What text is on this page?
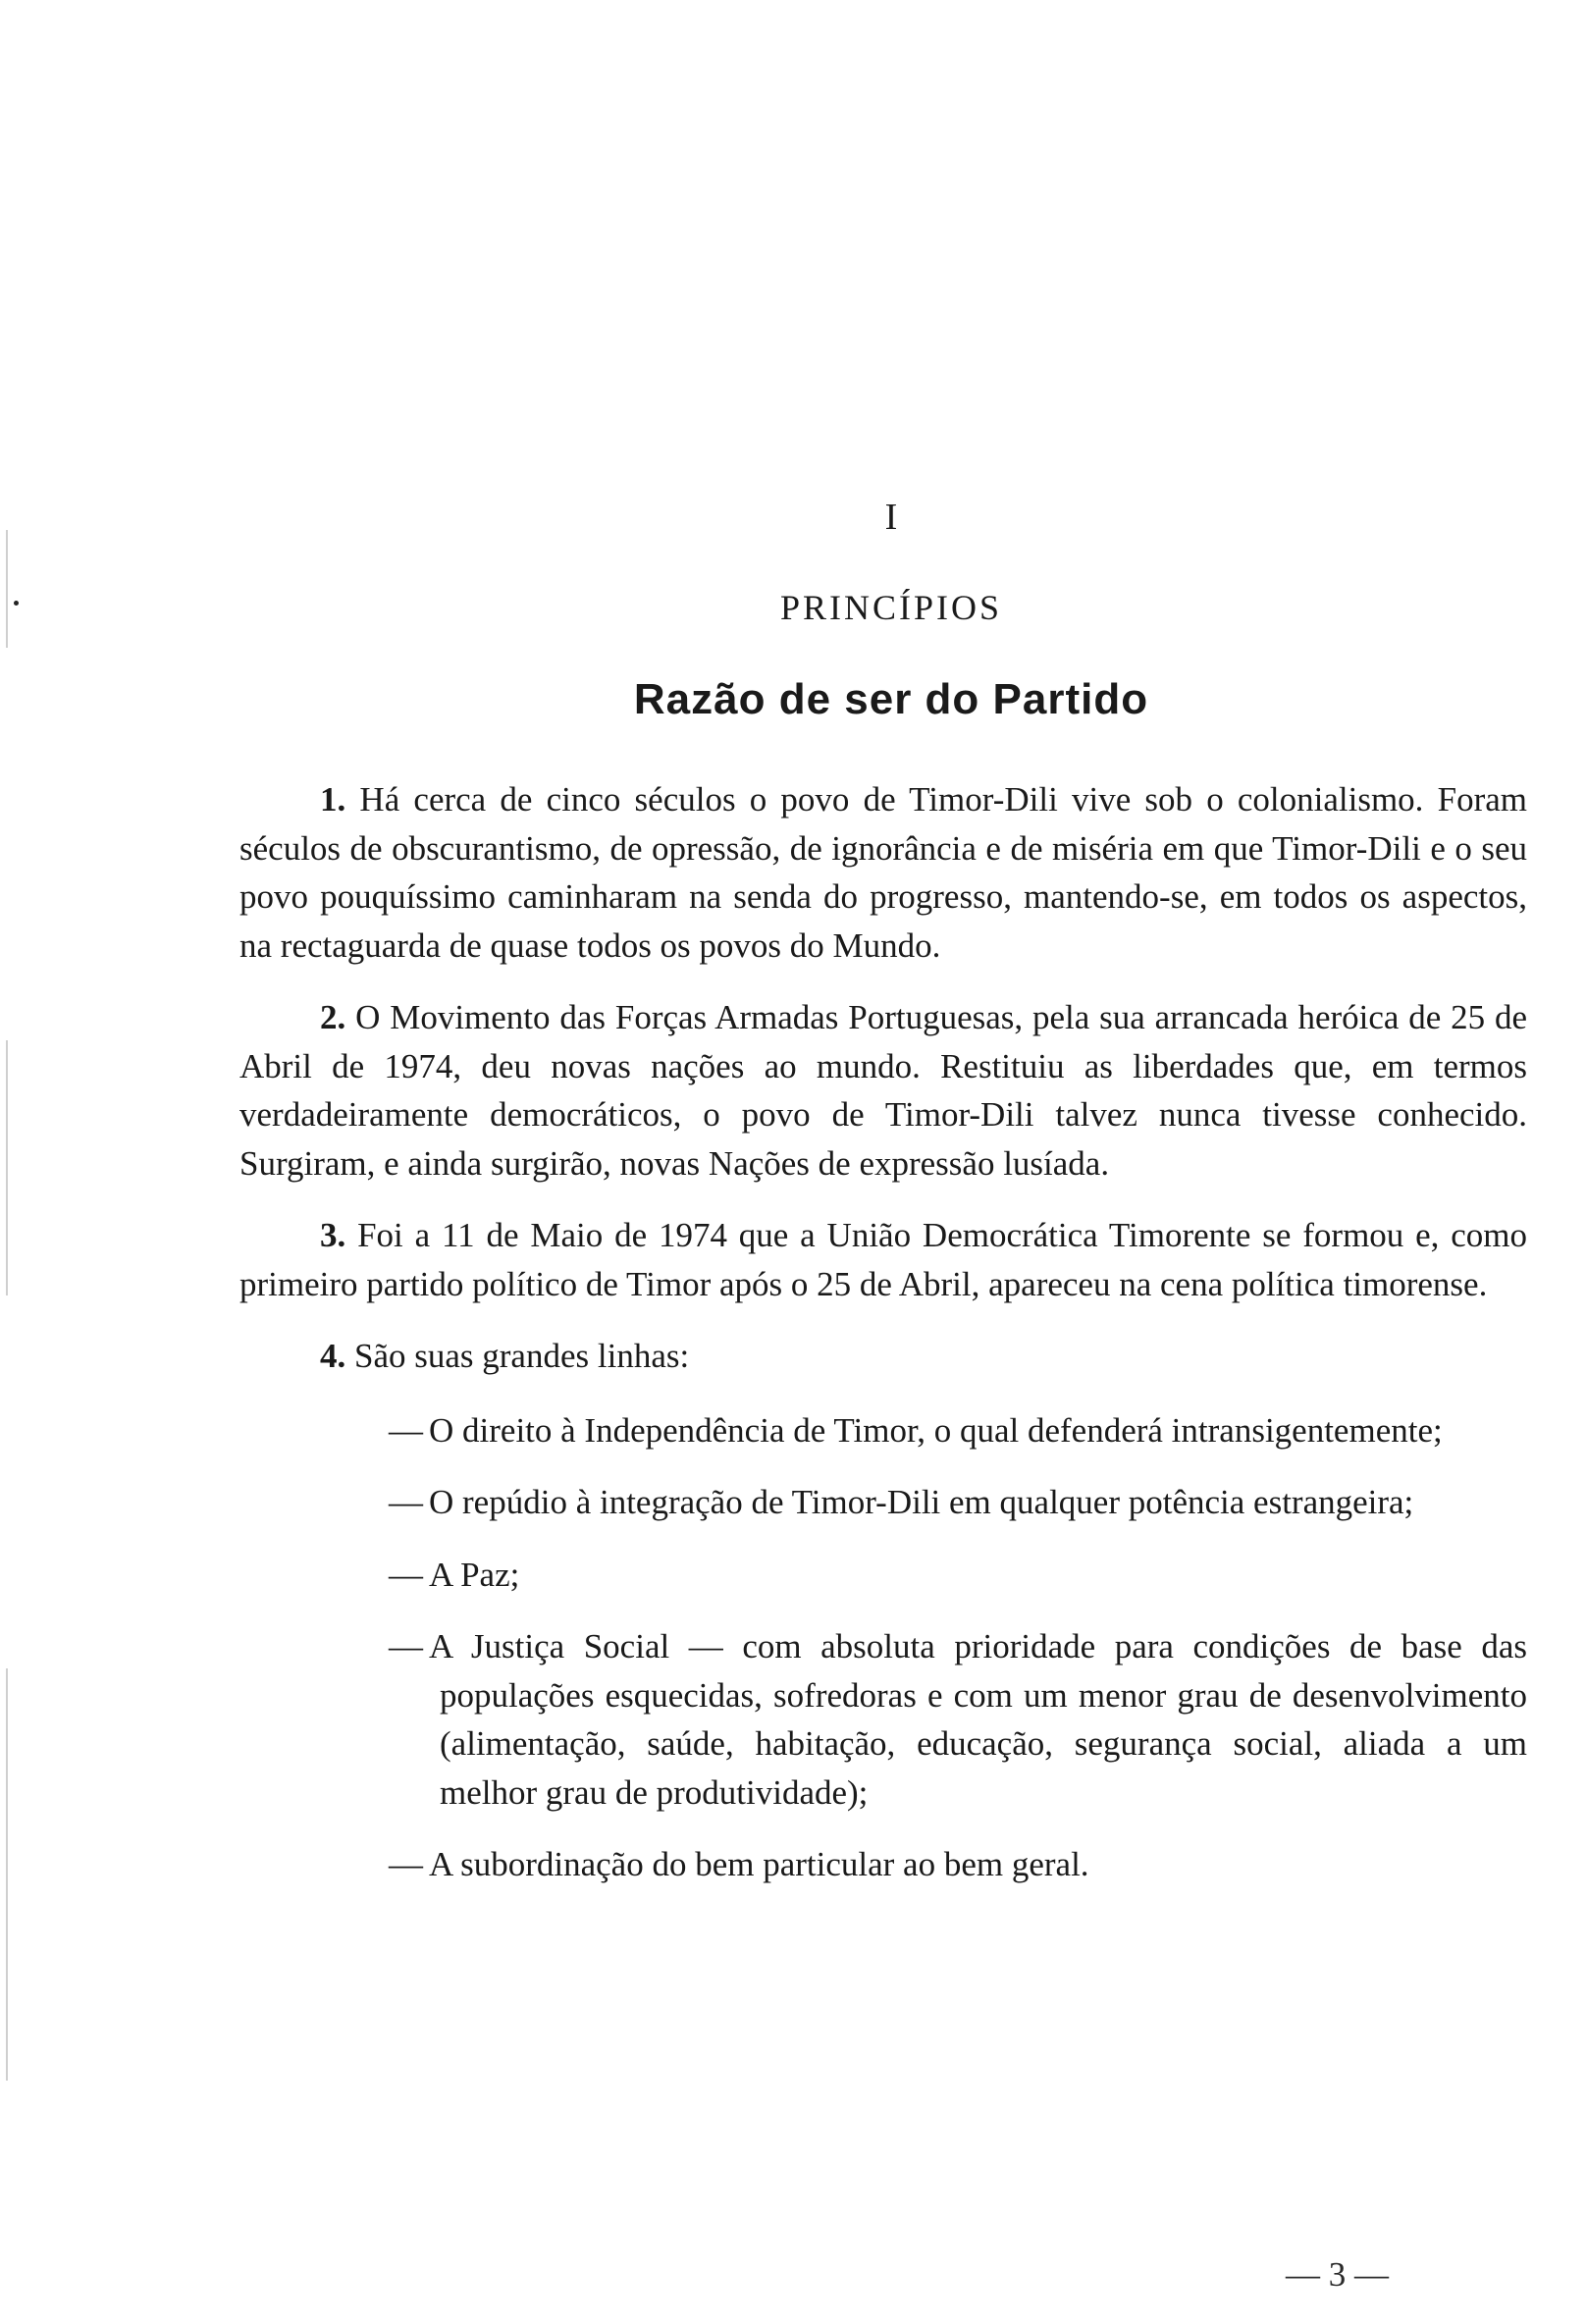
I
PRINCÍPIOS
Razão de ser do Partido

1. Há cerca de cinco séculos o povo de Timor-Dili vive sob o colonialismo. Foram séculos de obscurantismo, de opressão, de ignorância e de miséria em que Timor-Dili e o seu povo pouquíssimo caminharam na senda do progresso, mantendo-se, em todos os aspectos, na rectaguarda de quase todos os povos do Mundo.

2. O Movimento das Forças Armadas Portuguesas, pela sua arrancada heróica de 25 de Abril de 1974, deu novas nações ao mundo. Restituiu as liberdades que, em termos verdadeiramente democráticos, o povo de Timor-Dili talvez nunca tivesse conhecido. Surgiram, e ainda surgirão, novas Nações de expressão lusíada.

3. Foi a 11 de Maio de 1974 que a União Democrática Timorente se formou e, como primeiro partido político de Timor após o 25 de Abril, apareceu na cena política timorense.

4. São suas grandes linhas:

— O direito à Independência de Timor, o qual defenderá intransigentemente;
— O repúdio à integração de Timor-Dili em qualquer potência estrangeira;
— A Paz;
— A Justiça Social — com absoluta prioridade para condições de base das populações esquecidas, sofredoras e com um menor grau de desenvolvimento (alimentação, saúde, habitação, educação, segurança social, aliada a um melhor grau de produtividade);
— A subordinação do bem particular ao bem geral.
— 3 —
